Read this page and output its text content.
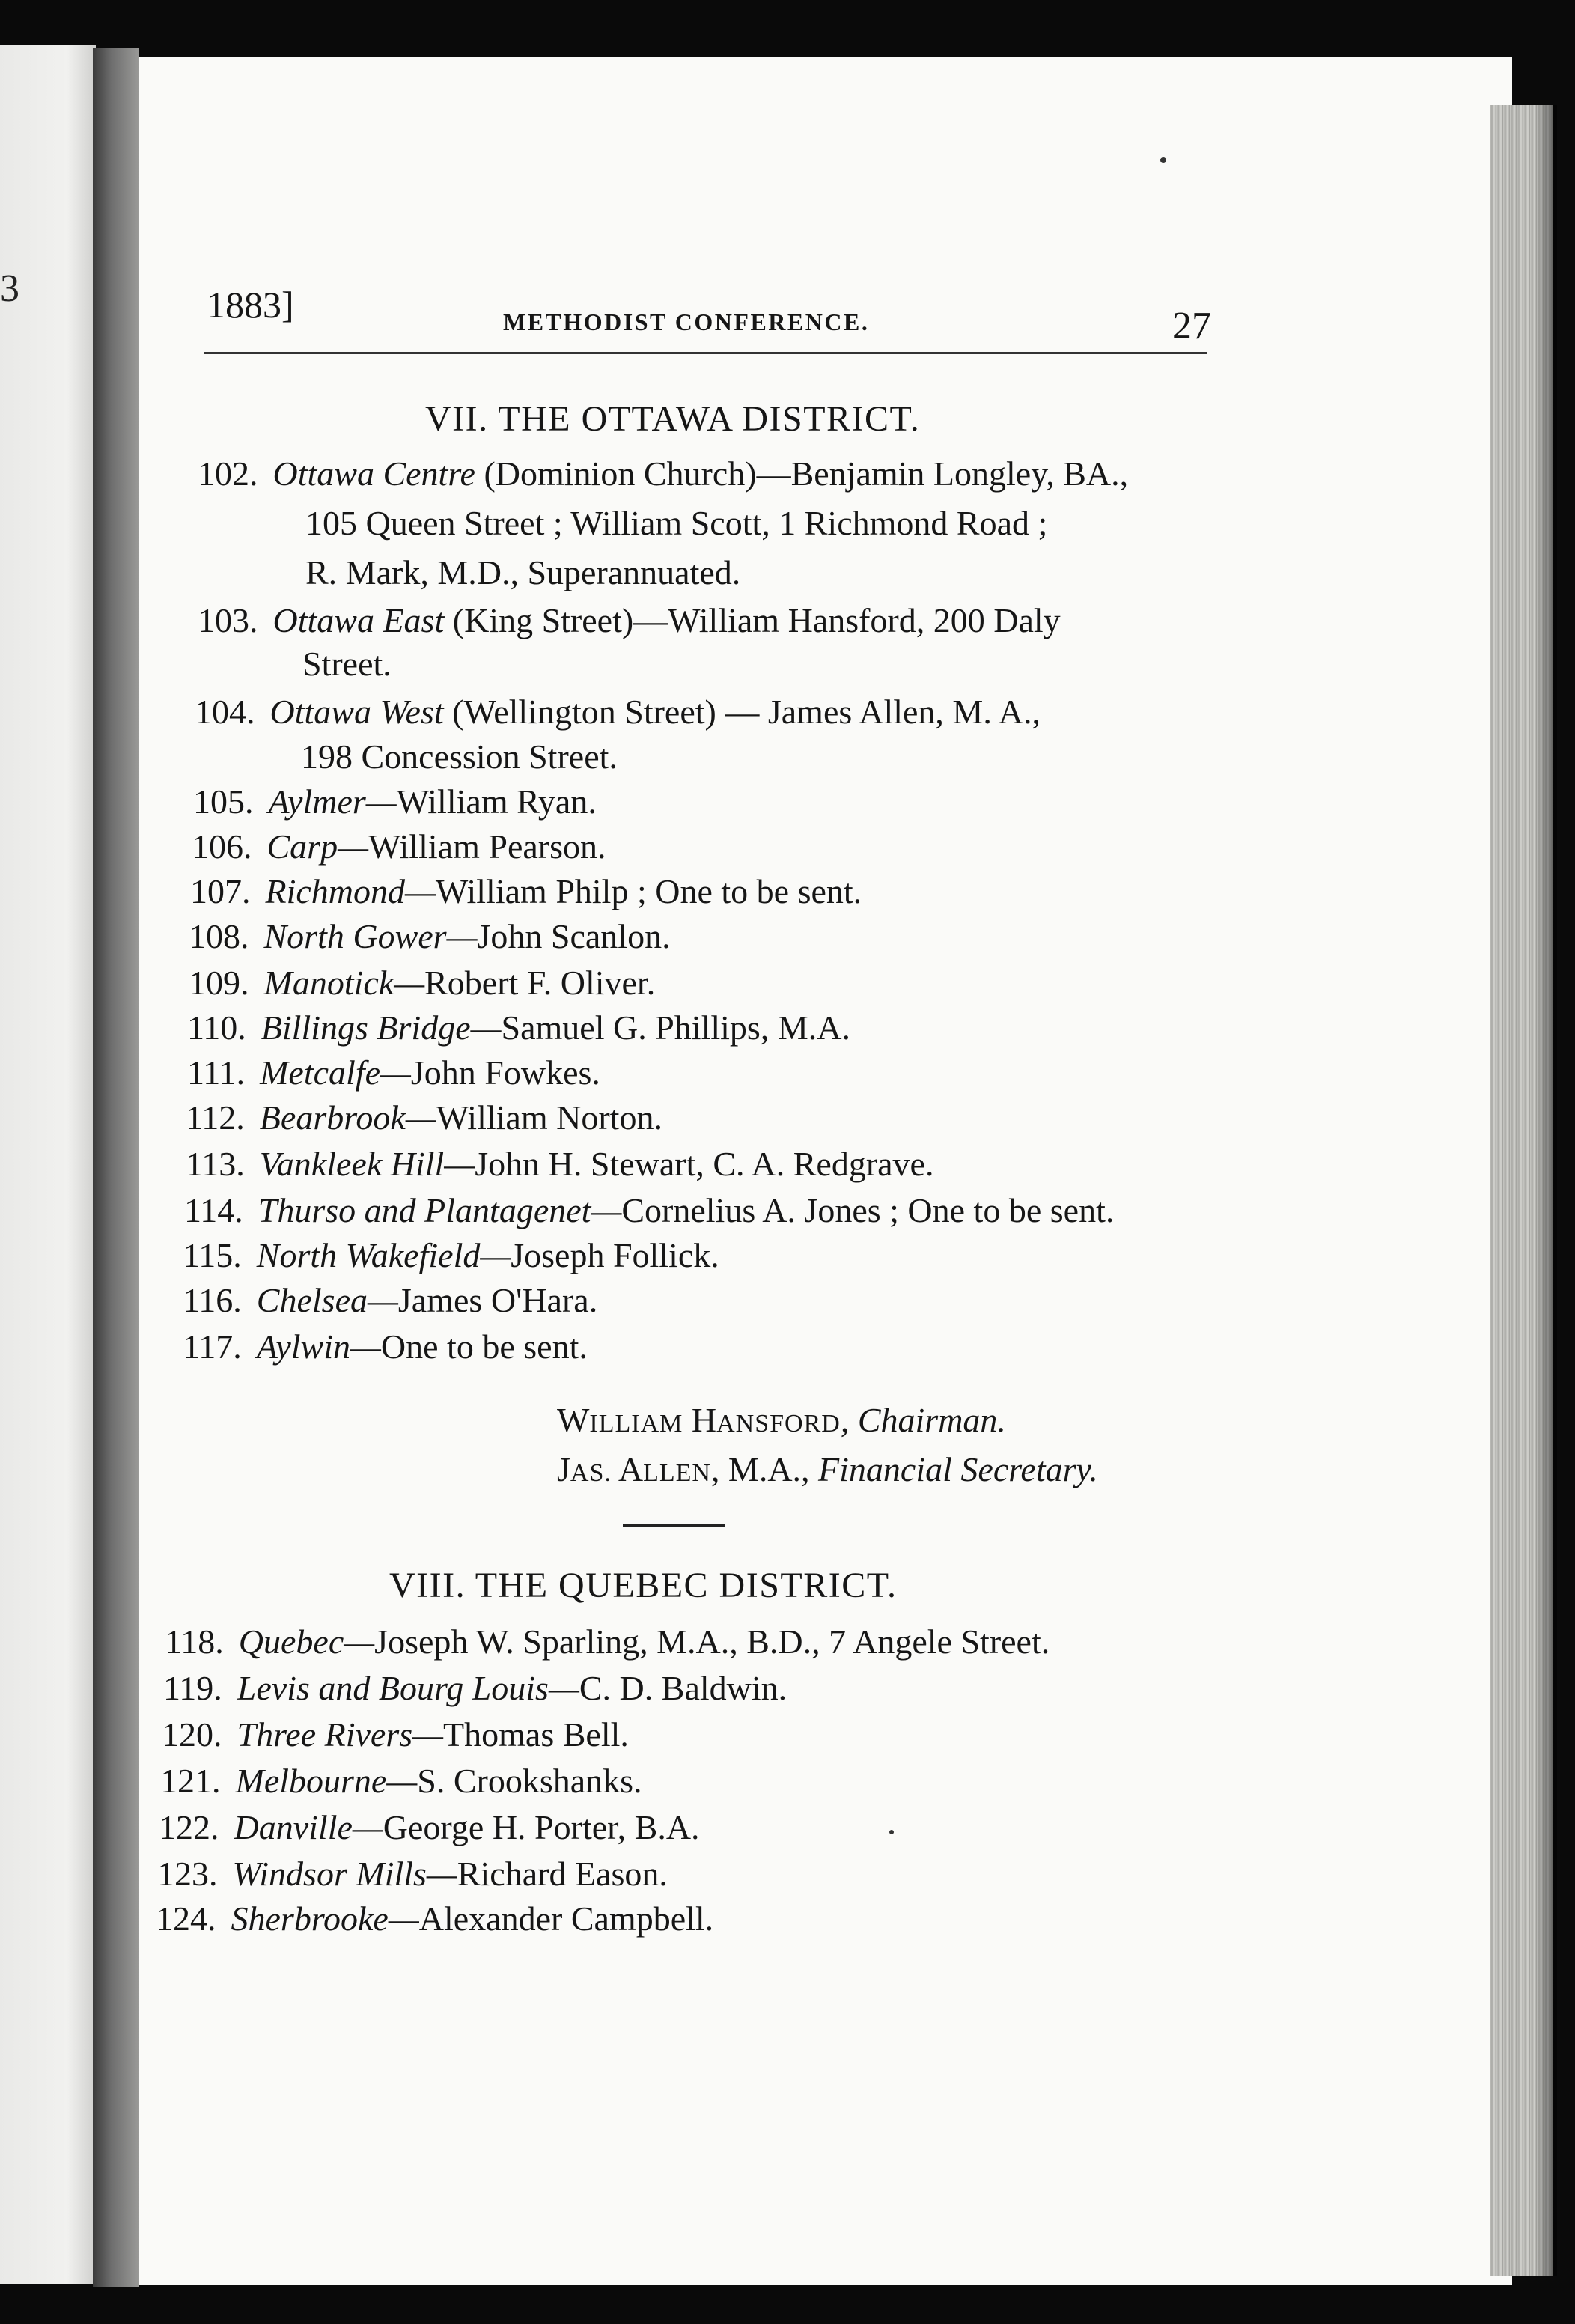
3	1883]	METHODIST CONFERENCE.	27
VII. THE OTTAWA DISTRICT.
102. Ottawa Centre (Dominion Church)—Benjamin Longley, BA.,
105 Queen Street ; William Scott, 1 Richmond Road ;
R. Mark, M.D., Superannuated.
103. Ottawa East (King Street)—William Hansford, 200 Daly
Street.
104. Ottawa West (Wellington Street) — James Allen, M. A.,
198 Concession Street.
105. Aylmer—William Ryan.
106. Carp—William Pearson.
107. Richmond—William Philp ; One to be sent.
108. North Gower—John Scanlon.
109. Manotick—Robert F. Oliver.
110. Billings Bridge—Samuel G. Phillips, M.A.
111. Metcalfe—John Fowkes.
112. Bearbrook—William Norton.
113. Vankleek Hill—John H. Stewart, C. A. Redgrave.
114. Thurso and Plantagenet—Cornelius A. Jones ; One to be sent.
115. North Wakefield—Joseph Follick.
116. Chelsea—James O'Hara.
117. Aylwin—One to be sent.
WILLIAM HANSFORD, Chairman.
JAS. ALLEN, M.A., Financial Secretary.
VIII. THE QUEBEC DISTRICT.
118. Quebec—Joseph W. Sparling, M.A., B.D., 7 Angele Street.
119. Levis and Bourg Louis—C. D. Baldwin.
120. Three Rivers—Thomas Bell.
121. Melbourne—S. Crookshanks.
122. Danville—George H. Porter, B.A.
123. Windsor Mills—Richard Eason.
124. Sherbrooke—Alexander Campbell.
